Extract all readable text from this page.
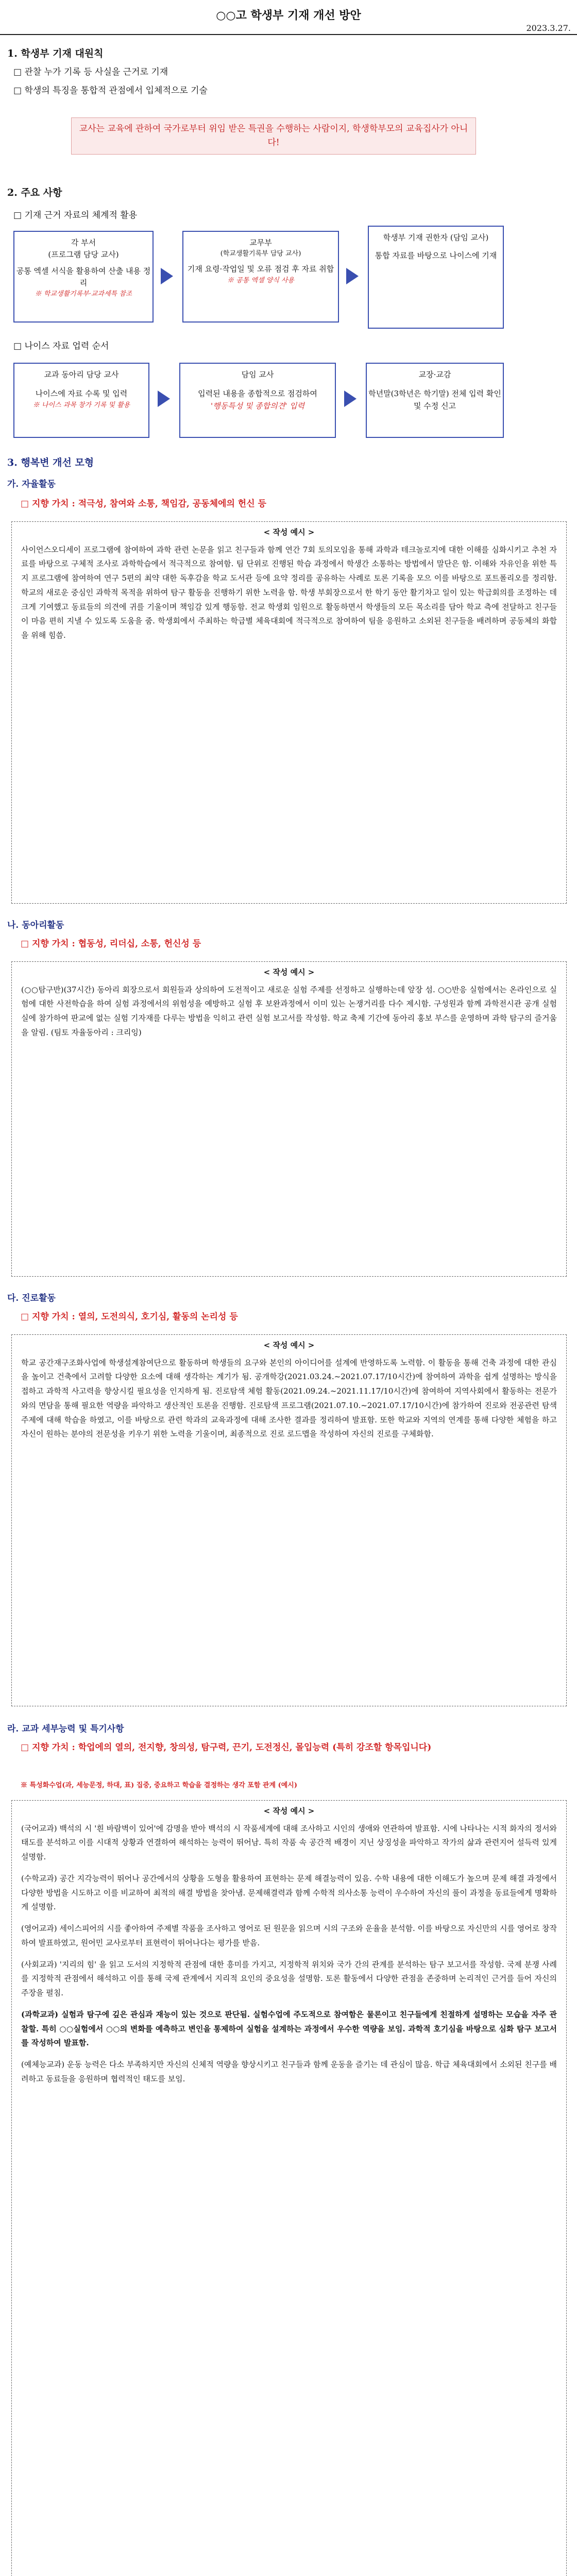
○○고 학생부 기재 개선 방안
2023.3.27.
1. 학생부 기재 대원칙
□ 관찰 누가 기록 등 사실을 근거로 기재
□ 학생의 특징을 통합적 관점에서 입체적으로 기술
교사는 교육에 관하여 국가로부터 위임 받은 특권을 수행하는 사람이지, 학생학부모의 교육집사가 아니다!
2. 주요 사항
□ 기재 근거 자료의 체계적 활용
각 부서
(프로그램 담당 교사)
공통 엑셀 서식을 활용하여 산출 내용 정리
※ 학교생활기록부·교과세특 참조
교무부
(학교생활기록부 담당 교사)
기재 요령·작업일 및 오류 점검 후 자료 취합
※ 공통 엑셀 양식 사용
학생부 기재 권한자 (담임 교사)
통합 자료를 바탕으로 나이스에 기재
□ 나이스 자료 업력 순서
교과 동아리 담당 교사
나이스에 자료 수록 및 입력
※ 나이스 과목 창가 기록 및 활용
담임 교사
입력된 내용을 종합적으로 점검하여
'행동특성 및 종합의견' 입력
교장·교감
학년말(3학년은 학기말) 전체 입력 확인 및 수정 신고
3. 행복변 개선 모형
가. 자율활동
□ 지향 가치 : 적극성, 참여와 소통, 책임감, 공동체에의 헌신 등
< 작성 예시 >
사이언스오디세이 프로그램에 참여하여 과학 관련 논문을 읽고 친구들과 함께 연간 7회 토의모임을 통해 과학과 테크놀로지에 대한 이해를 심화시키고 추천 자료를 바탕으로 구체적 조사로 과학학습에서 적극적으로 참여함. 팀 단위로 진행된 학습 과정에서 학생간 소통하는 방법에서 말단은 함. 이해와 자유인을 위한 특지 프로그램에 참여하여 연구 5편의 최약 대한 독후감을 학교 도서관 등에 요약 정리를 공유하는 사례로 토론 기록을 모으 이를 바탕으로 포트폴리오를 정리함. 학교의 새로운 중심인 과학적 목적을 위하여 탐구 활동을 진행하기 위한 노력을 함. 학생 부회장으로서 한 학기 동안 활기차고 일이 있는 학급회의를 조정하는 데 크게 기여했고 동료들의 의견에 귀를 기울이며 책임감 있게 행동함. 전교 학생회 임원으로 활동하면서 학생들의 모든 목소리를 담아 학교 측에 전달하고 친구들이 마음 편히 지낼 수 있도록 도움을 줌. 학생회에서 주최하는 학급별 체육대회에 적극적으로 참여하여 팀을 응원하고 소외된 친구들을 배려하며 공동체의 화합을 위해 힘씀.
나. 동아리활동
□ 지향 가치 : 협동성, 리더십, 소통, 헌신성 등
< 작성 예시 >
(○○탐구반)(37시간) 동아리 회장으로서 회원들과 상의하여 도전적이고 새로운 실험 주제를 선정하고 실행하는데 앞장 섬. ○○반응 실험에서는 온라인으로 실험에 대한 사전학습을 하여 실험 과정에서의 위험성을 예방하고 실험 후 보완과정에서 이미 있는 논쟁거리를 다수 제시함. 구성원과 함께 과학전시관 공개 실험실에 참가하여 판교에 없는 실험 기자재를 다루는 방법을 익히고 관련 실험 보고서를 작성함. 학교 축제 기간에 동아리 홍보 부스를 운영하며 과학 탐구의 즐거움을 알림. (팀토 자율동아리 : 크리잉)
다. 진로활동
□ 지향 가치 : 열의, 도전의식, 호기심, 활동의 논리성 등
< 작성 예시 >
학교 공간재구조화사업에 학생설계참여단으로 활동하며 학생들의 요구와 본인의 아이디어를 설계에 반영하도록 노력함. 이 활동을 통해 건축 과정에 대한 관심을 높이고 건축에서 고려할 다양한 요소에 대해 생각하는 계기가 됨. 공개학강(2021.03.24.~2021.07.17/10시간)에 참여하여 과학을 쉽게 설명하는 방식을 접하고 과학적 사고력을 향상시킬 필요성을 인지하게 됨. 진로탐색 체험 활동(2021.09.24.~2021.11.17/10시간)에 참여하여 지역사회에서 활동하는 전문가와의 면담을 통해 필요한 역량을 파악하고 생산적인 토론을 진행함. 진로탐색 프로그램(2021.07.10.~2021.07.17/10시간)에 참가하여 진로와 전공관련 탐색 주제에 대해 학습을 하였고, 이를 바탕으로 관련 학과의 교육과정에 대해 조사한 결과를 정리하여 발표함. 또한 학교와 지역의 연계를 통해 다양한 체험을 하고 자신이 원하는 분야의 전문성을 키우기 위한 노력을 기울이며, 최종적으로 진로 로드맵을 작성하여 자신의 진로를 구체화함.
라. 교과 세부능력 및 특기사항
□ 지향 가치 : 학업에의 열의, 전지향, 창의성, 탐구력, 끈기, 도전정신, 몰입능력 (특히 강조할 항목입니다)
※ 특성화수업(과, 세능문정, 하대, 표) 집중, 중요하고 학습을 결정하는 생각 포함 관계 (예시)
< 작성 예시 >
(국어교과) 백석의 시 '흰 바람벽이 있어'에 감명을 받아 백석의 시 작품세계에 대해 조사하고 시인의 생애와 연관하여 발표함. 시에 나타나는 시적 화자의 정서와 태도를 분석하고 이를 시대적 상황과 연결하여 해석하는 능력이 뛰어남. 특히 작품 속 공간적 배경이 지닌 상징성을 파악하고 작가의 삶과 관련지어 설득력 있게 설명함.
(수학교과) 공간 지각능력이 뛰어나 공간에서의 상황을 도형을 활용하여 표현하는 문제 해결능력이 있음. 수학 내용에 대한 이해도가 높으며 문제 해결 과정에서 다양한 방법을 시도하고 이를 비교하여 최적의 해결 방법을 찾아냄. 문제해결력과 함께 수학적 의사소통 능력이 우수하여 자신의 풀이 과정을 동료들에게 명확하게 설명함.
(영어교과) 세이스피어의 시를 좋아하여 주제별 작품을 조사하고 영어로 된 원문을 읽으며 시의 구조와 운율을 분석함. 이를 바탕으로 자신만의 시를 영어로 창작하여 발표하였고, 원어민 교사로부터 표현력이 뛰어나다는 평가를 받음.
(사회교과) '지리의 힘' 을 읽고 도서의 지정학적 관점에 대한 흥미를 가지고, 지정학적 위치와 국가 간의 관계를 분석하는 탐구 보고서를 작성함. 국제 분쟁 사례를 지정학적 관점에서 해석하고 이를 통해 국제 관계에서 지리적 요인의 중요성을 설명함. 토론 활동에서 다양한 관점을 존중하며 논리적인 근거를 들어 자신의 주장을 펼침.
(과학교과) 실험과 탐구에 깊은 관심과 재능이 있는 것으로 판단됨. 실험수업에 주도적으로 참여함은 물론이고 친구들에게 친절하게 설명하는 모습을 자주 관찰할. 특히 ○○실험에서 ○○의 변화를 예측하고 변인을 통제하여 실험을 설계하는 과정에서 우수한 역량을 보임. 과학적 호기심을 바탕으로 심화 탐구 보고서를 작성하여 발표함.
(예체능교과) 운동 능력은 다소 부족하지만 자신의 신체적 역량을 향상시키고 친구들과 함께 운동을 즐기는 데 관심이 많음. 학급 체육대회에서 소외된 친구를 배려하고 동료들을 응원하며 협력적인 태도를 보임.
